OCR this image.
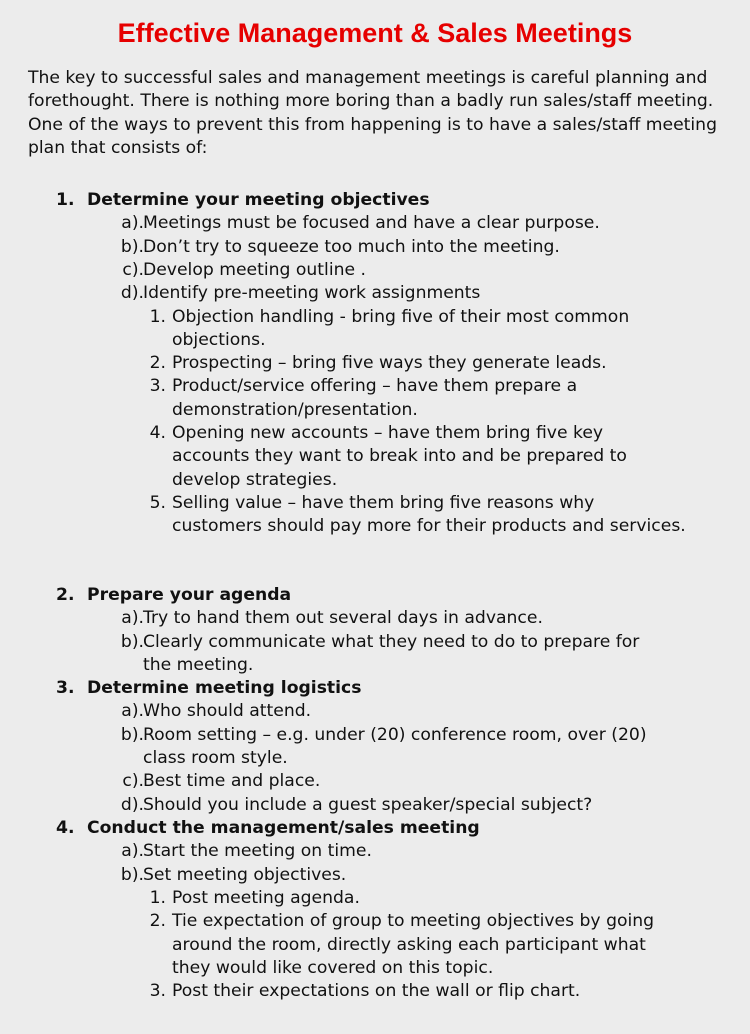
Effective Management & Sales Meetings

The key to successful sales and management meetings is careful planning and forethought. There is nothing more boring than a badly run sales/staff meeting. One of the ways to prevent this from happening is to have a sales/staff meeting plan that consists of:

1. Determine your meeting objectives
a). Meetings must be focused and have a clear purpose.
b). Don’t try to squeeze too much into the meeting.
c). Develop meeting outline .
d). Identify pre-meeting work assignments
1. Objection handling - bring five of their most common
objections.
2. Prospecting – bring five ways they generate leads.
3. Product/service offering – have them prepare a
demonstration/presentation.
4. Opening new accounts – have them bring five key
accounts they want to break into and be prepared to
develop strategies.
5. Selling value – have them bring five reasons why
customers should pay more for their products and services.
2. Prepare your agenda
a). Try to hand them out several days in advance.
b). Clearly communicate what they need to do to prepare for
the meeting.
3. Determine meeting logistics
a). Who should attend.
b). Room setting – e.g. under (20) conference room, over (20)
class room style.
c). Best time and place.
d). Should you include a guest speaker/special subject?
4. Conduct the management/sales meeting
a). Start the meeting on time.
b). Set meeting objectives.
1. Post meeting agenda.
2. Tie expectation of group to meeting objectives by going
around the room, directly asking each participant what
they would like covered on this topic.
3. Post their expectations on the wall or flip chart.
